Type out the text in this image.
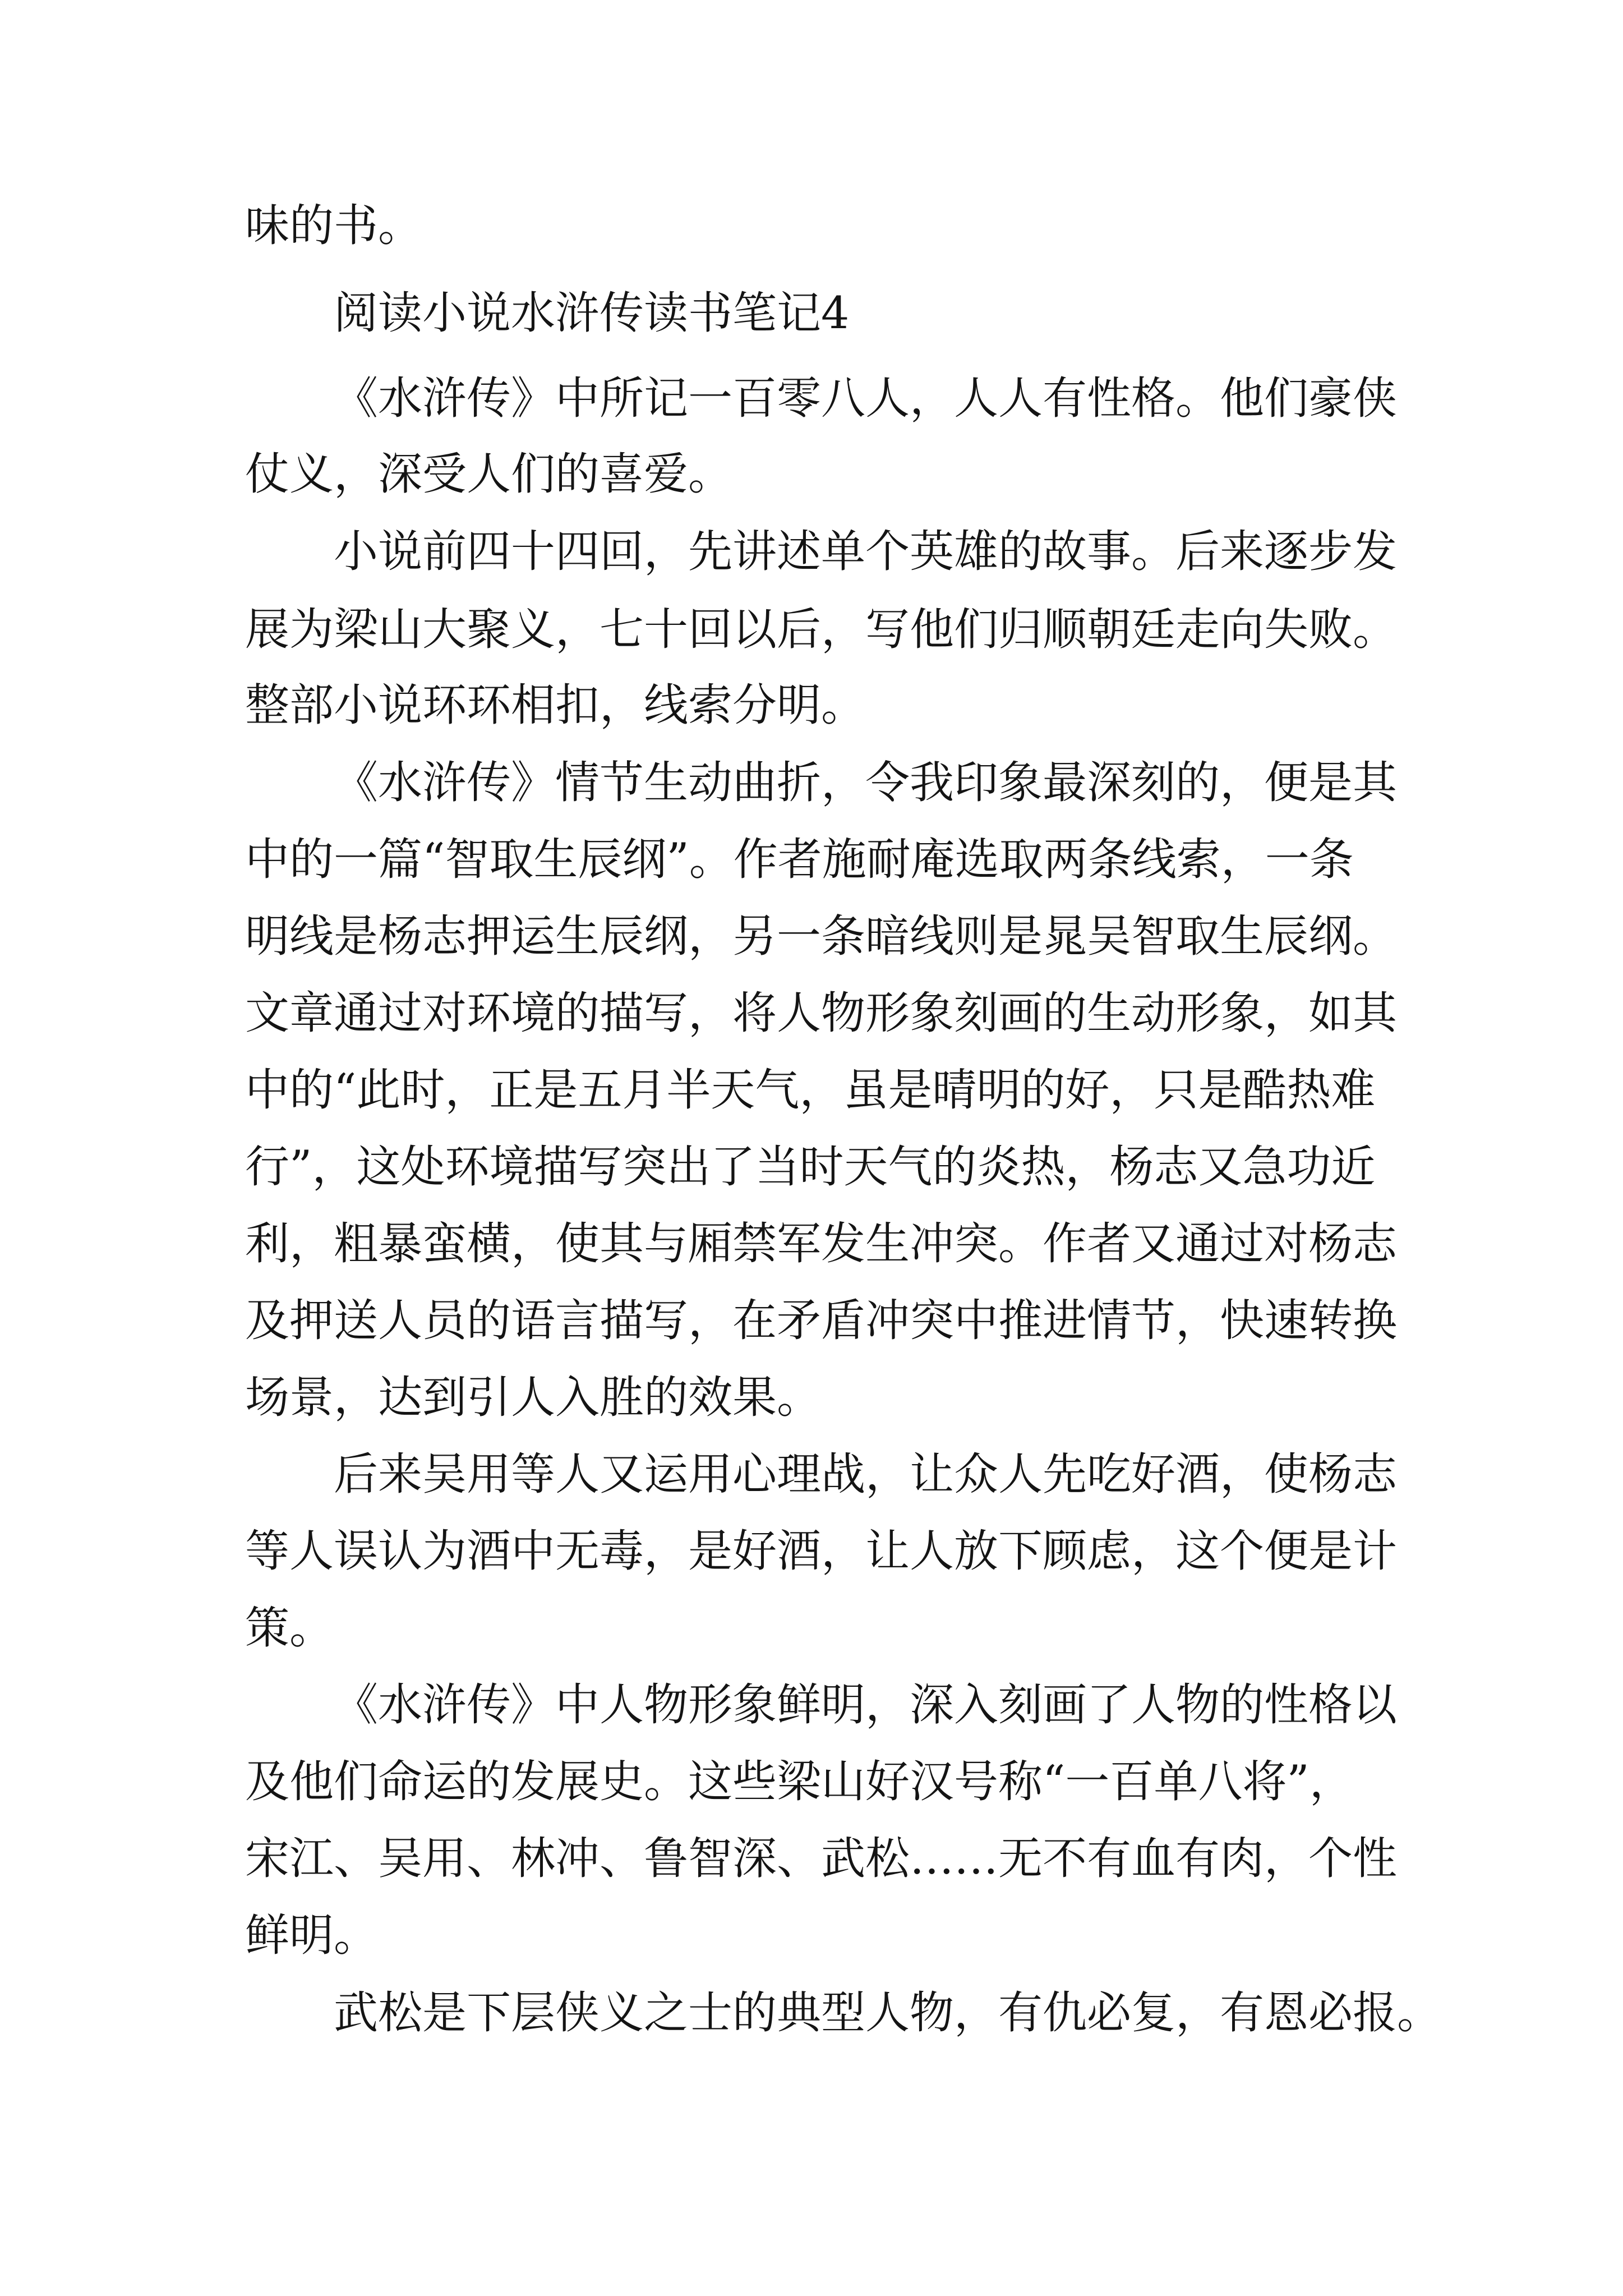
味的书。
阅读小说水浒传读书笔记4
《水浒传》中所记一百零八人，人人有性格。他们豪侠
仗义，深受人们的喜爱。
小说前四十四回，先讲述单个英雄的故事。后来逐步发
展为梁山大聚义，七十回以后，写他们归顺朝廷走向失败。
整部小说环环相扣，线索分明。
《水浒传》情节生动曲折，令我印象最深刻的，便是其
中的一篇“智取生辰纲”。作者施耐庵选取两条线索，一条
明线是杨志押运生辰纲，另一条暗线则是晁吴智取生辰纲。
文章通过对环境的描写，将人物形象刻画的生动形象，如其
中的“此时，正是五月半天气，虽是晴明的好，只是酷热难
行”，这处环境描写突出了当时天气的炎热，杨志又急功近
利，粗暴蛮横，使其与厢禁军发生冲突。作者又通过对杨志
及押送人员的语言描写，在矛盾冲突中推进情节，快速转换
场景，达到引人入胜的效果。
后来吴用等人又运用心理战，让众人先吃好酒，使杨志
等人误认为酒中无毒，是好酒，让人放下顾虑，这个便是计
策。
《水浒传》中人物形象鲜明，深入刻画了人物的性格以
及他们命运的发展史。这些梁山好汉号称“一百单八将”，
宋江、吴用、林冲、鲁智深、武松……无不有血有肉，个性
鲜明。
武松是下层侠义之士的典型人物，有仇必复，有恩必报。
